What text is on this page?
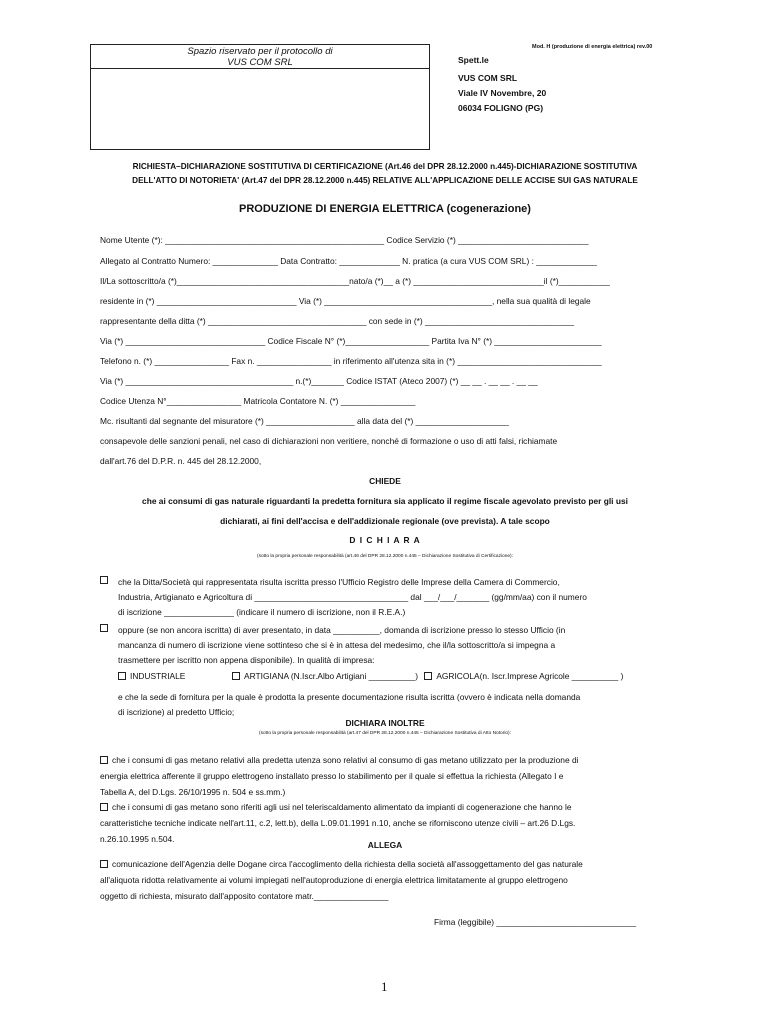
Spazio riservato per il protocollo di
VUS COM SRL
Mod. H (produzione di energia elettrica) rev.00
Spett.le
VUS COM SRL
Viale IV Novembre, 20
06034 FOLIGNO (PG)
RICHIESTA–DICHIARAZIONE SOSTITUTIVA DI CERTIFICAZIONE (Art.46 del DPR 28.12.2000 n.445)-DICHIARAZIONE SOSTITUTIVA
DELL'ATTO DI NOTORIETA' (Art.47 del DPR 28.12.2000 n.445) RELATIVE ALL'APPLICAZIONE DELLE ACCISE SUI GAS NATURALE
PRODUZIONE DI ENERGIA ELETTRICA (cogenerazione)
Nome Utente (*): _______________________________________________ Codice Servizio (*) ____________________________
Allegato al Contratto Numero: ______________ Data Contratto: _____________ N. pratica (a cura VUS COM SRL) : _____________
Il/La sottoscritto/a (*)_____________________________________nato/a (*)__ a (*) ____________________________il (*)___________
residente in (*) ______________________________ Via (*) ____________________________________, nella sua qualità di legale
rappresentante della ditta (*) __________________________________ con sede in (*) ________________________________
Via (*) ______________________________ Codice Fiscale N° (*)__________________ Partita Iva N° (*) _______________________
Telefono n. (*) ________________ Fax n. ________________ in riferimento all'utenza sita in (*) _______________________________
Via (*) ____________________________________ n.(*)_______ Codice ISTAT (Ateco 2007) (*) __ __ . __ __ . __ __
Codice Utenza N°________________ Matricola Contatore N. (*) ________________
Mc. risultanti dal segnante del misuratore (*) ___________________ alla data del (*) ____________________
consapevole delle sanzioni penali, nel caso di dichiarazioni non veritiere, nonché di formazione o uso di atti falsi, richiamate
dall'art.76 del D.P.R. n. 445 del 28.12.2000,
CHIEDE
che ai consumi di gas naturale riguardanti la predetta fornitura sia applicato il regime fiscale agevolato previsto per gli usi
dichiarati, ai fini dell'accisa e dell'addizionale regionale (ove prevista). A tale scopo
D I C H I A R A
(sotto la propria personale responsabilità (art.46 del DPR 28.12.2000 n.445 – Dichiarazione Sostitutiva di Certificazione):
che la Ditta/Società qui rappresentata risulta iscritta presso l'Ufficio Registro delle Imprese della Camera di Commercio,
Industria, Artigianato e Agricoltura di _________________________________ dal ___/___/_______ (gg/mm/aa) con il numero
di iscrizione _______________ (indicare il numero di iscrizione, non il R.E.A.)
oppure (se non ancora iscritta) di aver presentato, in data __________, domanda di iscrizione presso lo stesso Ufficio (in
mancanza di numero di iscrizione viene sottinteso che si è in attesa del medesimo, che il/la sottoscritto/a si impegna a
trasmettere per iscritto non appena disponibile). In qualità di impresa:
INDUSTRIALE	ARTIGIANA (N.Iscr.Albo Artigiani __________) AGRICOLA(n. Iscr.Imprese Agricole __________ )
e che la sede di fornitura per la quale è prodotta la presente documentazione risulta iscritta (ovvero è indicata nella domanda
di iscrizione) al predetto Ufficio;
DICHIARA INOLTRE
(sotto la propria personale responsabilità (art.47 del DPR 28.12.2000 n.445 – Dichiarazione Sostitutiva di Atto Notorio):
che i consumi di gas metano relativi alla predetta utenza sono relativi al consumo di gas metano utilizzato per la produzione di
energia elettrica afferente il gruppo elettrogeno installato presso lo stabilimento per il quale si effettua la richiesta (Allegato I e
Tabella A, del D.Lgs. 26/10/1995 n. 504 e ss.mm.)
che i consumi di gas metano sono riferiti agli usi nel teleriscaldamento alimentato da impianti di cogenerazione che hanno le
caratteristiche tecniche indicate nell'art.11, c.2, lett.b), della L.09.01.1991 n.10, anche se riforniscono utenze civili – art.26 D.Lgs.
n.26.10.1995 n.504.
ALLEGA
comunicazione dell'Agenzia delle Dogane circa l'accoglimento della richiesta della società all'assoggettamento del gas naturale
all'aliquota ridotta relativamente ai volumi impiegati nell'autoproduzione di energia elettrica limitatamente al gruppo elettrogeno
oggetto di richiesta, misurato dall'apposito contatore matr.________________
Firma (leggibile) ______________________________
1
